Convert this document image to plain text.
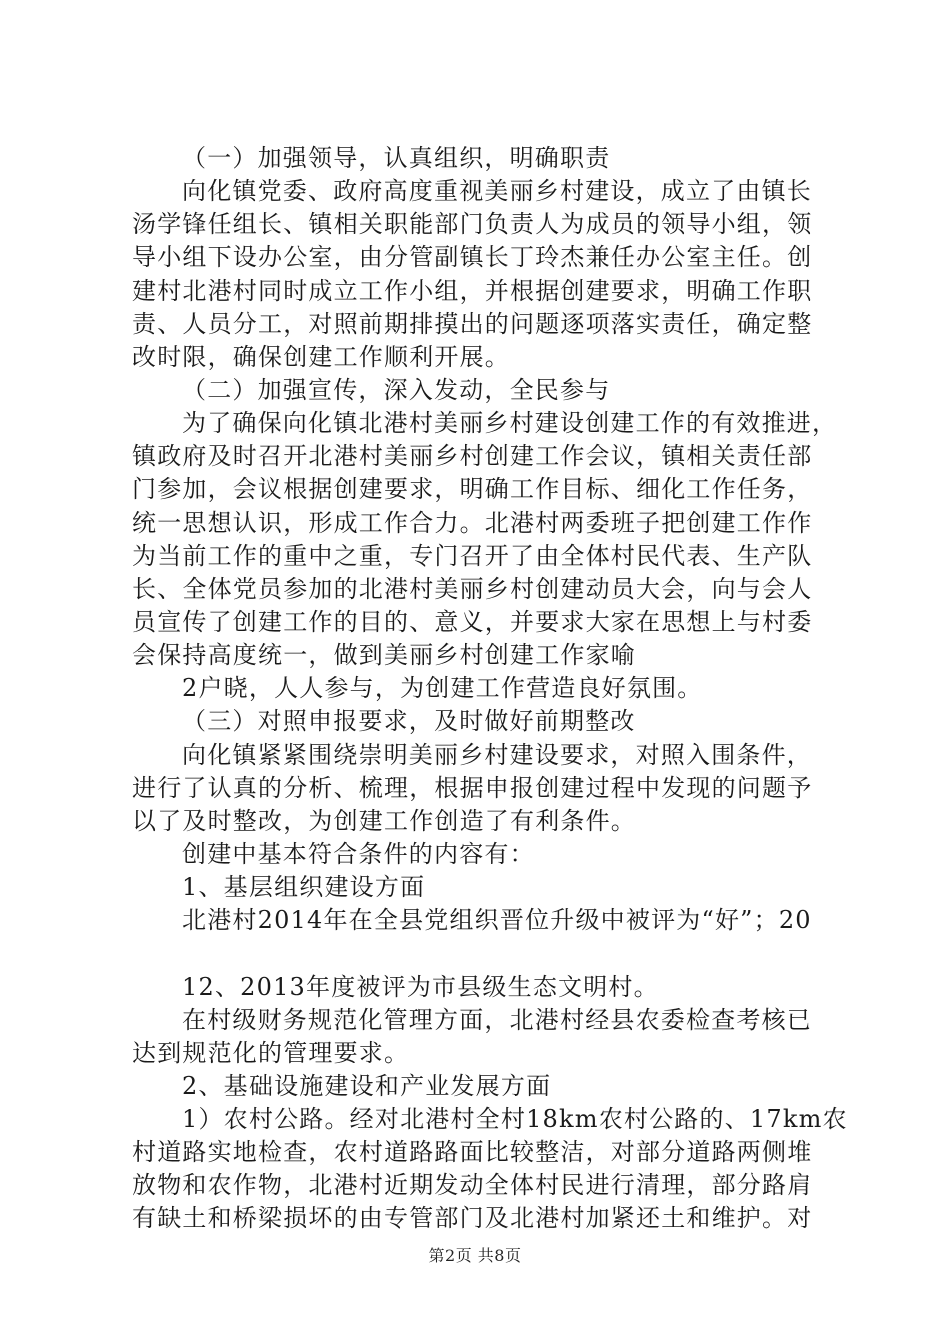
（一）加强领导，认真组织，明确职责
向化镇党委、政府高度重视美丽乡村建设，成立了由镇长
汤学锋任组长、镇相关职能部门负责人为成员的领导小组，领
导小组下设办公室，由分管副镇长丁玲杰兼任办公室主任。创
建村北港村同时成立工作小组，并根据创建要求，明确工作职
责、人员分工，对照前期排摸出的问题逐项落实责任，确定整
改时限，确保创建工作顺利开展。
（二）加强宣传，深入发动，全民参与
为了确保向化镇北港村美丽乡村建设创建工作的有效推进，
镇政府及时召开北港村美丽乡村创建工作会议，镇相关责任部
门参加，会议根据创建要求，明确工作目标、细化工作任务，
统一思想认识，形成工作合力。北港村两委班子把创建工作作
为当前工作的重中之重，专门召开了由全体村民代表、生产队
长、全体党员参加的北港村美丽乡村创建动员大会，向与会人
员宣传了创建工作的目的、意义，并要求大家在思想上与村委
会保持高度统一，做到美丽乡村创建工作家喻
2户晓，人人参与，为创建工作营造良好氛围。
（三）对照申报要求，及时做好前期整改
向化镇紧紧围绕崇明美丽乡村建设要求，对照入围条件，
进行了认真的分析、梳理，根据申报创建过程中发现的问题予
以了及时整改，为创建工作创造了有利条件。
创建中基本符合条件的内容有：
1、基层组织建设方面
北港村2014年在全县党组织晋位升级中被评为“好”；20
12、2013年度被评为市县级生态文明村。
在村级财务规范化管理方面，北港村经县农委检查考核已
达到规范化的管理要求。
2、基础设施建设和产业发展方面
1）农村公路。经对北港村全村18km农村公路的、17km农
村道路实地检查，农村道路路面比较整洁，对部分道路两侧堆
放物和农作物，北港村近期发动全体村民进行清理，部分路肩
有缺土和桥梁损坏的由专管部门及北港村加紧还土和维护。对
第2页 共8页
